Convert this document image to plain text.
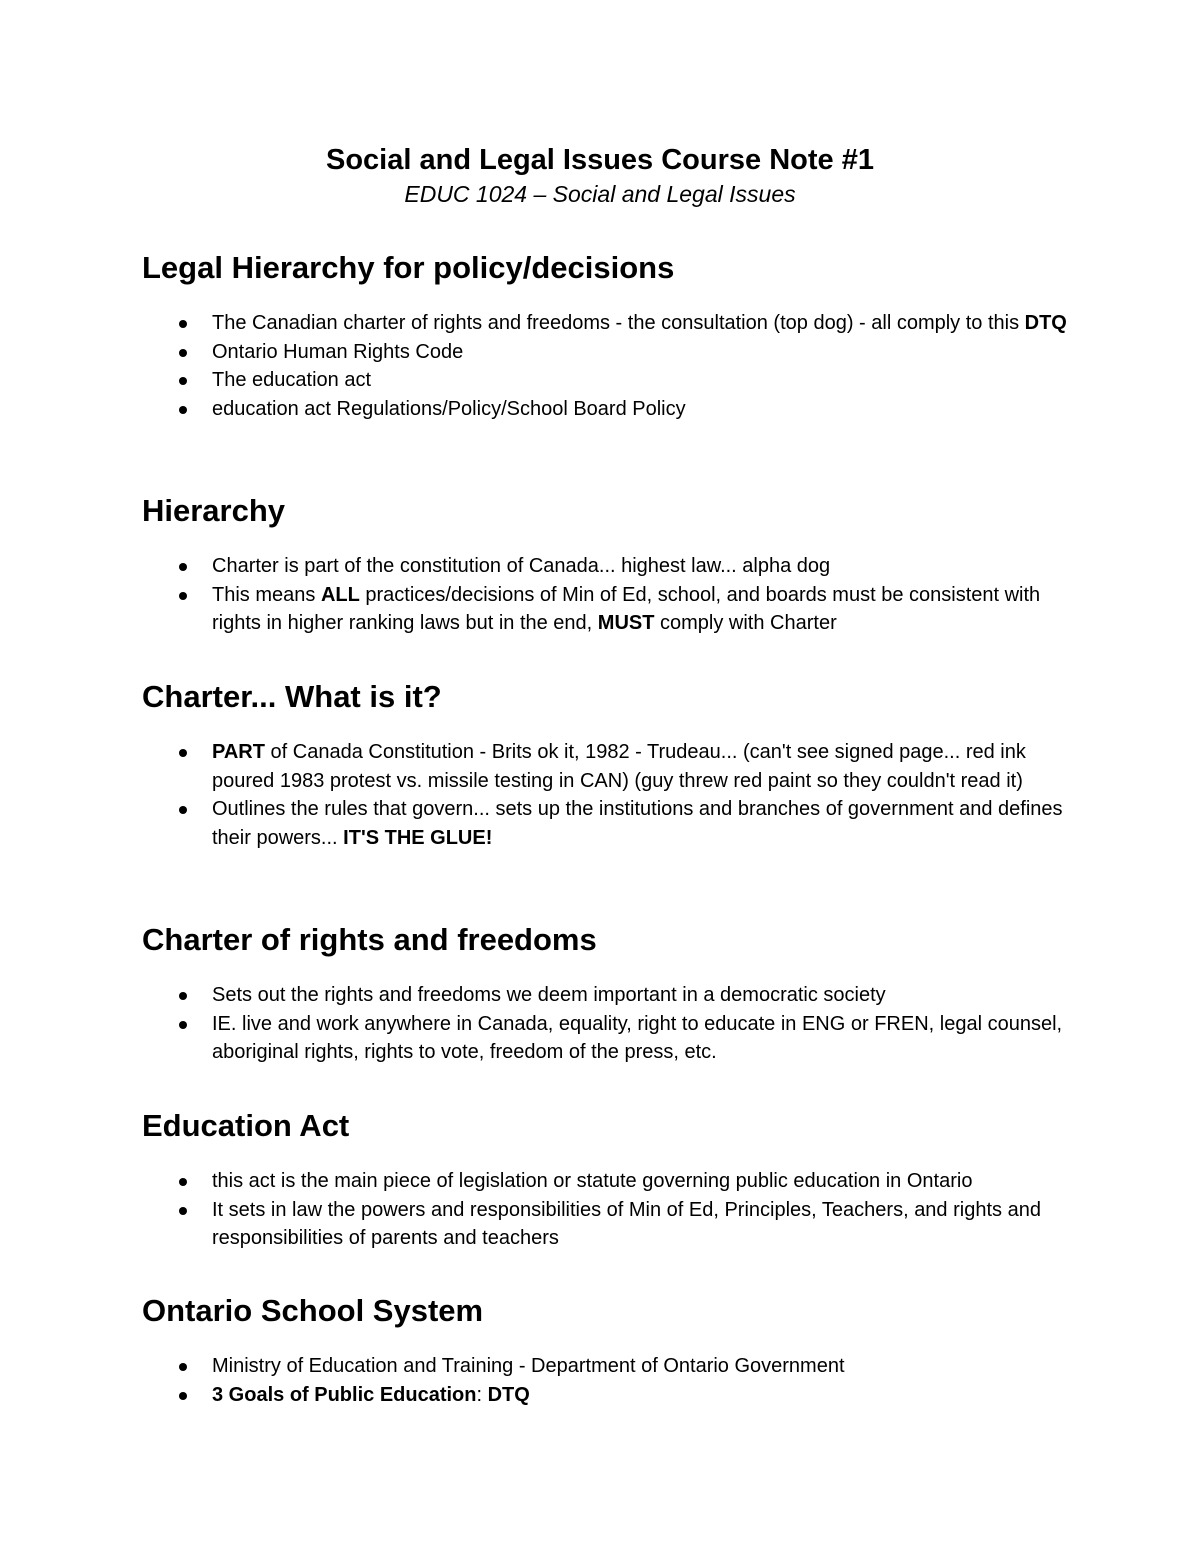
Social and Legal Issues Course Note #1
EDUC 1024 – Social and Legal Issues
Legal Hierarchy for policy/decisions
The Canadian charter of rights and freedoms - the consultation (top dog) - all comply to this DTQ
Ontario Human Rights Code
The education act
education act Regulations/Policy/School Board Policy
Hierarchy
Charter is part of the constitution of Canada... highest law... alpha dog
This means ALL practices/decisions of Min of Ed, school, and boards must be consistent with rights in higher ranking laws but in the end, MUST comply with Charter
Charter... What is it?
PART of Canada Constitution - Brits ok it, 1982 - Trudeau... (can't see signed page... red ink poured 1983 protest vs. missile testing in CAN) (guy threw red paint so they couldn't read it)
Outlines the rules that govern... sets up the institutions and branches of government and defines their powers... IT'S THE GLUE!
Charter of rights and freedoms
Sets out the rights and freedoms we deem important in a democratic society
IE. live and work anywhere in Canada, equality, right to educate in ENG or FREN, legal counsel, aboriginal rights, rights to vote, freedom of the press, etc.
Education Act
this act is the main piece of legislation or statute governing public education in Ontario
It sets in law the powers and responsibilities of Min of Ed, Principles, Teachers, and rights and responsibilities of parents and teachers
Ontario School System
Ministry of Education and Training - Department of Ontario Government
3 Goals of Public Education: DTQ
